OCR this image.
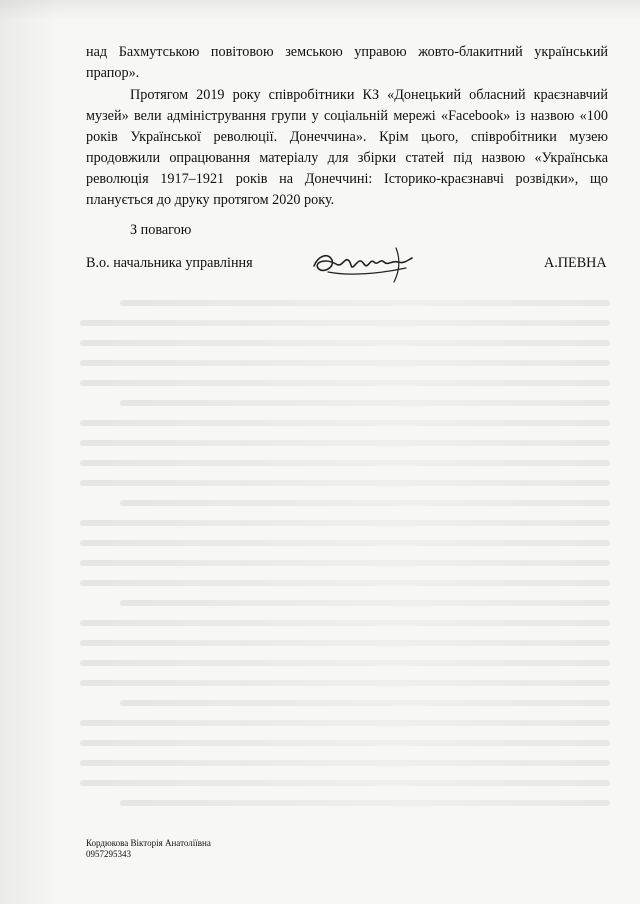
над Бахмутською повітовою земською управою жовто-блакитний український прапор».
Протягом 2019 року співробітники КЗ «Донецький обласний краєзнавчий музей» вели адміністрування групи у соціальній мережі «Facebook» із назвою «100 років Української революції. Донеччина». Крім цього, співробітники музею продовжили опрацювання матеріалу для збірки статей під назвою «Українська революція 1917–1921 років на Донеччині: Історико-краєзнавчі розвідки», що планується до друку протягом 2020 року.
З повагою
В.о. начальника управління	А.ПЕВНА
Кордюкова Вікторія Анатоліївна
0957295343
